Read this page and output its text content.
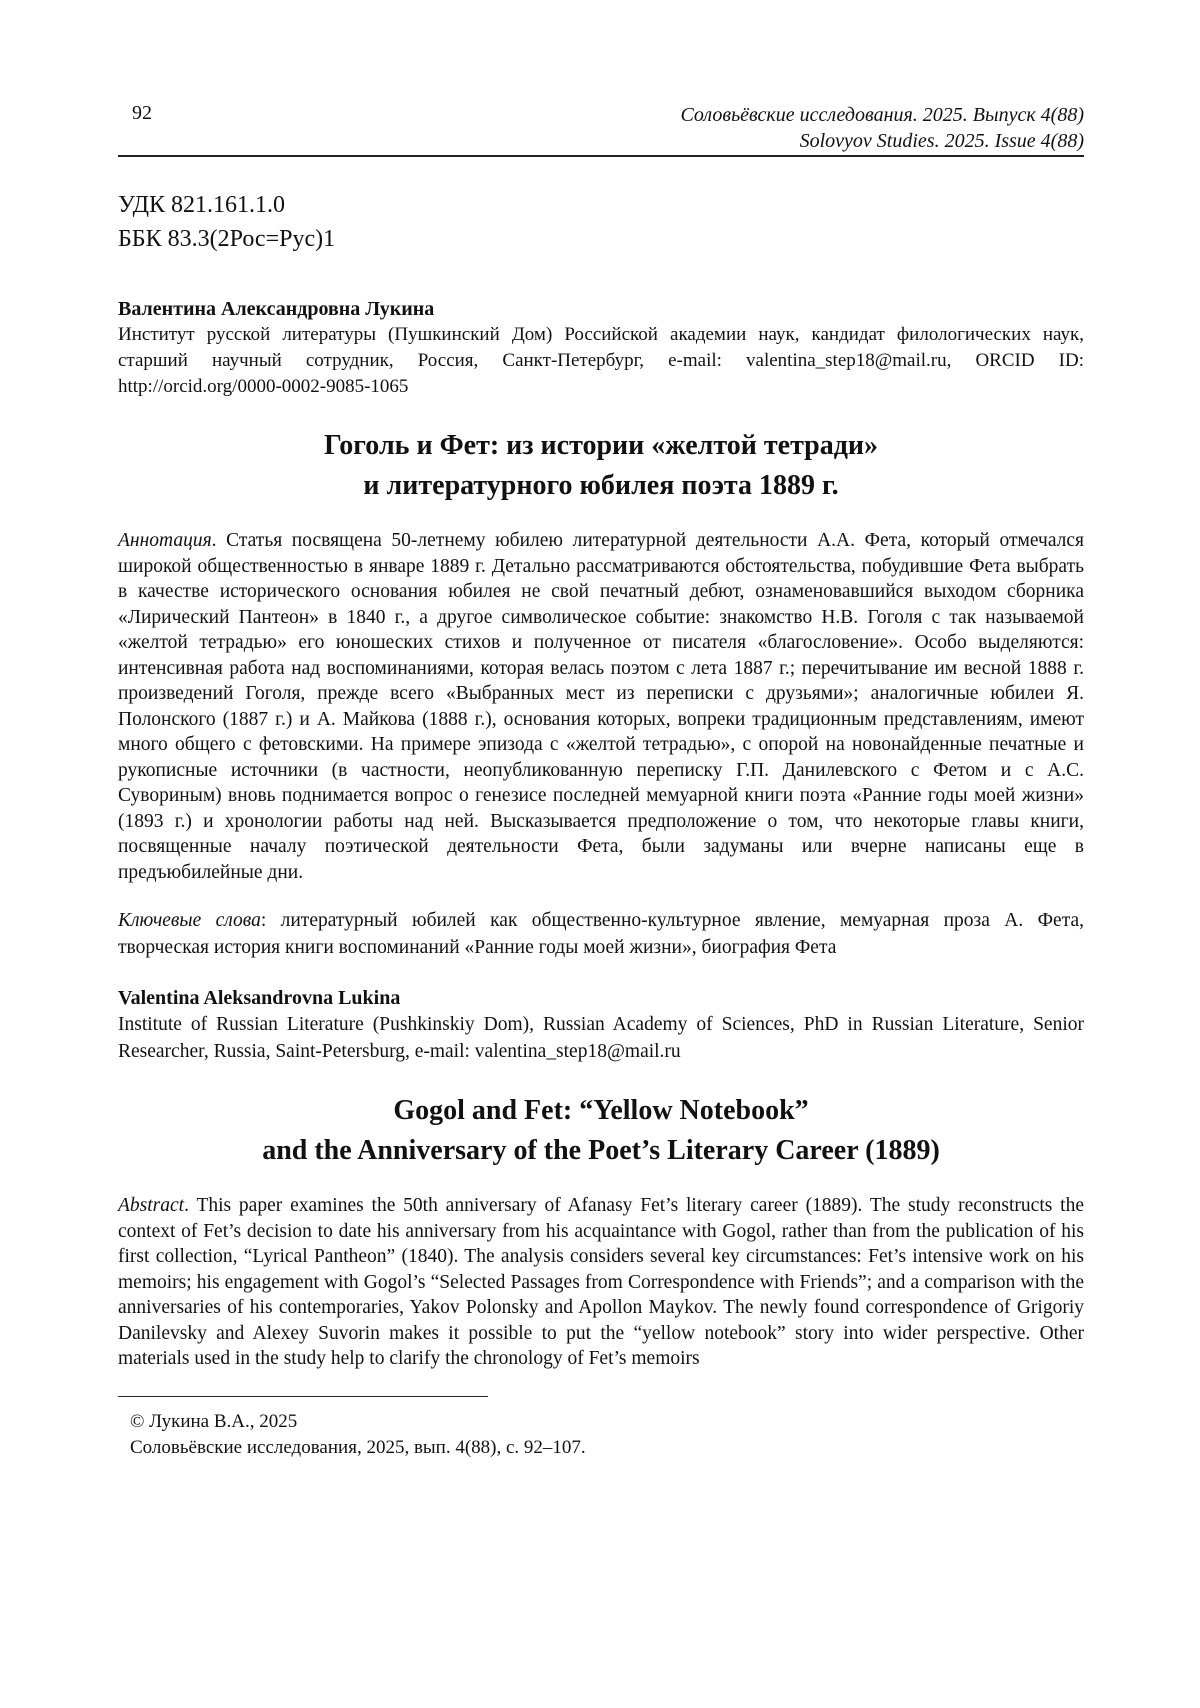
92	Соловьёвские исследования. 2025. Выпуск 4(88)
Solovyov Studies. 2025. Issue 4(88)
УДК 821.161.1.0
ББК 83.3(2Рос=Рус)1
Валентина Александровна Лукина

Институт русской литературы (Пушкинский Дом) Российской академии наук, кандидат филологических наук, старший научный сотрудник, Россия, Санкт-Петербург, e-mail: valentina_step18@mail.ru, ORCID ID: http://orcid.org/0000-0002-9085-1065

Гоголь и Фет: из истории «желтой тетради»
и литературного юбилея поэта 1889 г.

Аннотация. Статья посвящена 50-летнему юбилею литературной деятельности А.А. Фета, который отмечался широкой общественностью в январе 1889 г. Детально рассматриваются обстоятельства, побудившие Фета выбрать в качестве исторического основания юбилея не свой печатный дебют, ознаменовавшийся выходом сборника «Лирический Пантеон» в 1840 г., а другое символическое событие: знакомство Н.В. Гоголя с так называемой «желтой тетрадью» его юношеских стихов и полученное от писателя «благословение». Особо выделяются: интенсивная работа над воспоминаниями, которая велась поэтом с лета 1887 г.; перечитывание им весной 1888 г. произведений Гоголя, прежде всего «Выбранных мест из переписки с друзьями»; аналогичные юбилеи Я. Полонского (1887 г.) и А. Майкова (1888 г.), основания которых, вопреки традиционным представлениям, имеют много общего с фетовскими. На примере эпизода с «желтой тетрадью», с опорой на новонайденные печатные и рукописные источники (в частности, неопубликованную переписку Г.П. Данилевского с Фетом и с А.С. Сувориным) вновь поднимается вопрос о генезисе последней мемуарной книги поэта «Ранние годы моей жизни» (1893 г.) и хронологии работы над ней. Высказывается предположение о том, что некоторые главы книги, посвященные началу поэтической деятельности Фета, были задуманы или вчерне написаны еще в предъюбилейные дни.

Ключевые слова: литературный юбилей как общественно-культурное явление, мемуарная проза А. Фета, творческая история книги воспоминаний «Ранние годы моей жизни», биография Фета

Valentina Aleksandrovna Lukina

Institute of Russian Literature (Pushkinskiy Dom), Russian Academy of Sciences, PhD in Russian Literature, Senior Researcher, Russia, Saint-Petersburg, e-mail: valentina_step18@mail.ru

Gogol and Fet: “Yellow Notebook”
and the Anniversary of the Poet’s Literary Career (1889)

Abstract. This paper examines the 50th anniversary of Afanasy Fet’s literary career (1889). The study reconstructs the context of Fet’s decision to date his anniversary from his acquaintance with Gogol, rather than from the publication of his first collection, “Lyrical Pantheon” (1840). The analysis considers several key circumstances: Fet’s intensive work on his memoirs; his engagement with Gogol’s “Selected Passages from Correspondence with Friends”; and a comparison with the anniversaries of his contemporaries, Yakov Polonsky and Apollon Maykov. The newly found correspondence of Grigoriy Danilevsky and Alexey Suvorin makes it possible to put the “yellow notebook” story into wider perspective. Other materials used in the study help to clarify the chronology of Fet’s memoirs

© Лукина В.А., 2025
Соловьёвские исследования, 2025, вып. 4(88), с. 92–107.
